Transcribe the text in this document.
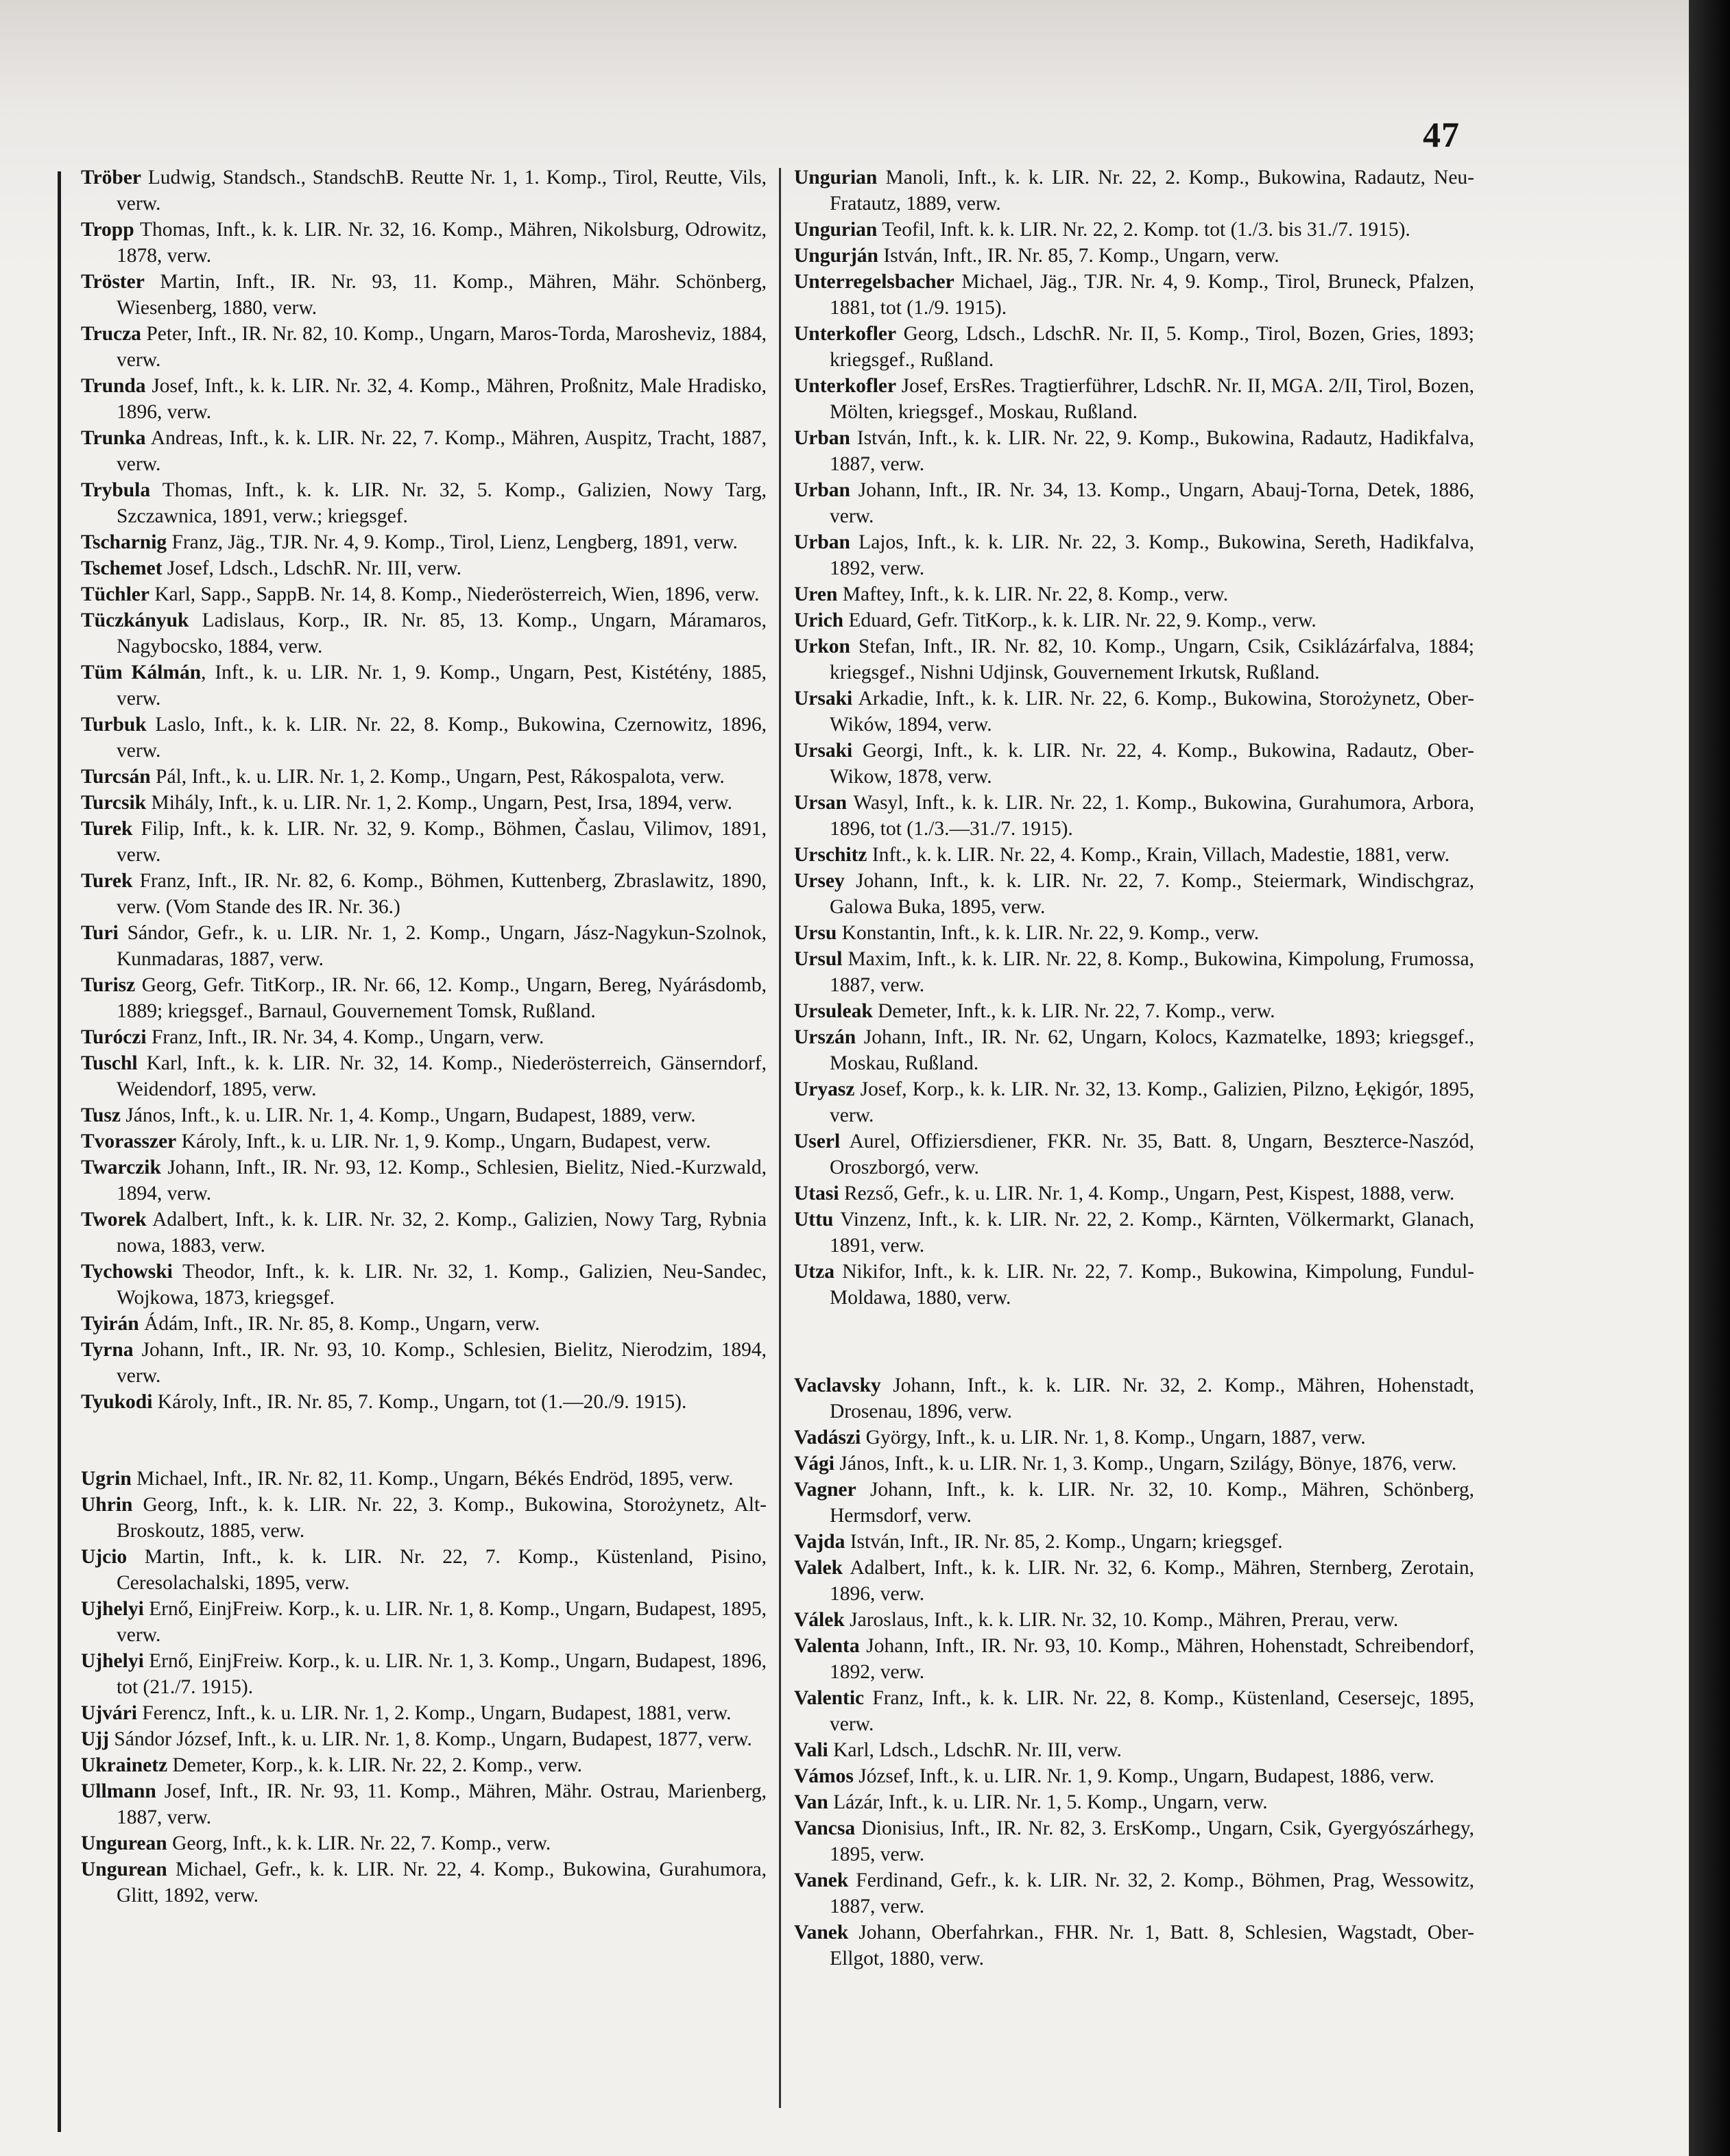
47

Tröber Ludwig, Standsch., StandschB. Reutte Nr. 1, 1. Komp., Tirol, Reutte, Vils, verw.

Tropp Thomas, Inft., k. k. LIR. Nr. 32, 16. Komp., Mähren, Nikolsburg, Odrowitz, 1878, verw.

Tröster Martin, Inft., IR. Nr. 93, 11. Komp., Mähren, Mähr. Schönberg, Wiesenberg, 1880, verw.

Trucza Peter, Inft., IR. Nr. 82, 10. Komp., Ungarn, Maros-Torda, Marosheviz, 1884, verw.

Trunda Josef, Inft., k. k. LIR. Nr. 32, 4. Komp., Mähren, Proßnitz, Male Hradisko, 1896, verw.

Trunka Andreas, Inft., k. k. LIR. Nr. 22, 7. Komp., Mähren, Auspitz, Tracht, 1887, verw.

Trybula Thomas, Inft., k. k. LIR. Nr. 32, 5. Komp., Galizien, Nowy Targ, Szczawnica, 1891, verw.; kriegsgef.

Tscharnig Franz, Jäg., TJR. Nr. 4, 9. Komp., Tirol, Lienz, Lengberg, 1891, verw.

Tschemet Josef, Ldsch., LdschR. Nr. III, verw.

Tüchler Karl, Sapp., SappB. Nr. 14, 8. Komp., Niederösterreich, Wien, 1896, verw.

Tüczkányuk Ladislaus, Korp., IR. Nr. 85, 13. Komp., Ungarn, Máramaros, Nagybocsko, 1884, verw.

Tüm Kálmán, Inft., k. u. LIR. Nr. 1, 9. Komp., Ungarn, Pest, Kistétény, 1885, verw.

Turbuk Laslo, Inft., k. k. LIR. Nr. 22, 8. Komp., Bukowina, Czernowitz, 1896, verw.

Turcsán Pál, Inft., k. u. LIR. Nr. 1, 2. Komp., Ungarn, Pest, Rákospalota, verw.

Turcsik Mihály, Inft., k. u. LIR. Nr. 1, 2. Komp., Ungarn, Pest, Irsa, 1894, verw.

Turek Filip, Inft., k. k. LIR. Nr. 32, 9. Komp., Böhmen, Časlau, Vilimov, 1891, verw.

Turek Franz, Inft., IR. Nr. 82, 6. Komp., Böhmen, Kuttenberg, Zbraslawitz, 1890, verw. (Vom Stande des IR. Nr. 36.)

Turi Sándor, Gefr., k. u. LIR. Nr. 1, 2. Komp., Ungarn, Jász-Nagykun-Szolnok, Kunmadaras, 1887, verw.

Turisz Georg, Gefr. TitKorp., IR. Nr. 66, 12. Komp., Ungarn, Bereg, Nyárásdomb, 1889; kriegsgef., Barnaul, Gouvernement Tomsk, Rußland.

Turóczi Franz, Inft., IR. Nr. 34, 4. Komp., Ungarn, verw.

Tuschl Karl, Inft., k. k. LIR. Nr. 32, 14. Komp., Niederösterreich, Gänserndorf, Weidendorf, 1895, verw.

Tusz János, Inft., k. u. LIR. Nr. 1, 4. Komp., Ungarn, Budapest, 1889, verw.

Tvorasszer Károly, Inft., k. u. LIR. Nr. 1, 9. Komp., Ungarn, Budapest, verw.

Twarczik Johann, Inft., IR. Nr. 93, 12. Komp., Schlesien, Bielitz, Nied.-Kurzwald, 1894, verw.

Tworek Adalbert, Inft., k. k. LIR. Nr. 32, 2. Komp., Galizien, Nowy Targ, Rybnia nowa, 1883, verw.

Tychowski Theodor, Inft., k. k. LIR. Nr. 32, 1. Komp., Galizien, Neu-Sandec, Wojkowa, 1873, kriegsgef.

Tyirán Ádám, Inft., IR. Nr. 85, 8. Komp., Ungarn, verw.

Tyrna Johann, Inft., IR. Nr. 93, 10. Komp., Schlesien, Bielitz, Nierodzim, 1894, verw.

Tyukodi Károly, Inft., IR. Nr. 85, 7. Komp., Ungarn, tot (1.—20./9. 1915).

Ugrin Michael, Inft., IR. Nr. 82, 11. Komp., Ungarn, Békés Endröd, 1895, verw.

Uhrin Georg, Inft., k. k. LIR. Nr. 22, 3. Komp., Bukowina, Storożynetz, Alt-Broskoutz, 1885, verw.

Ujcio Martin, Inft., k. k. LIR. Nr. 22, 7. Komp., Küstenland, Pisino, Ceresolachalski, 1895, verw.

Ujhelyi Ernő, EinjFreiw. Korp., k. u. LIR. Nr. 1, 8. Komp., Ungarn, Budapest, 1895, verw.

Ujhelyi Ernő, EinjFreiw. Korp., k. u. LIR. Nr. 1, 3. Komp., Ungarn, Budapest, 1896, tot (21./7. 1915).

Ujvári Ferencz, Inft., k. u. LIR. Nr. 1, 2. Komp., Ungarn, Budapest, 1881, verw.

Ujj Sándor József, Inft., k. u. LIR. Nr. 1, 8. Komp., Ungarn, Budapest, 1877, verw.

Ukrainetz Demeter, Korp., k. k. LIR. Nr. 22, 2. Komp., verw.

Ullmann Josef, Inft., IR. Nr. 93, 11. Komp., Mähren, Mähr. Ostrau, Marienberg, 1887, verw.

Ungurean Georg, Inft., k. k. LIR. Nr. 22, 7. Komp., verw.

Ungurean Michael, Gefr., k. k. LIR. Nr. 22, 4. Komp., Bukowina, Gurahumora, Glitt, 1892, verw.

Ungurian Manoli, Inft., k. k. LIR. Nr. 22, 2. Komp., Bukowina, Radautz, Neu-Fratautz, 1889, verw.

Ungurian Teofil, Inft. k. k. LIR. Nr. 22, 2. Komp. tot (1./3. bis 31./7. 1915).

Ungurján István, Inft., IR. Nr. 85, 7. Komp., Ungarn, verw.

Unterregelsbacher Michael, Jäg., TJR. Nr. 4, 9. Komp., Tirol, Bruneck, Pfalzen, 1881, tot (1./9. 1915).

Unterkofler Georg, Ldsch., LdschR. Nr. II, 5. Komp., Tirol, Bozen, Gries, 1893; kriegsgef., Rußland.

Unterkofler Josef, ErsRes. Tragtierführer, LdschR. Nr. II, MGA. 2/II, Tirol, Bozen, Mölten, kriegsgef., Moskau, Rußland.

Urban István, Inft., k. k. LIR. Nr. 22, 9. Komp., Bukowina, Radautz, Hadikfalva, 1887, verw.

Urban Johann, Inft., IR. Nr. 34, 13. Komp., Ungarn, Abauj-Torna, Detek, 1886, verw.

Urban Lajos, Inft., k. k. LIR. Nr. 22, 3. Komp., Bukowina, Sereth, Hadikfalva, 1892, verw.

Uren Maftey, Inft., k. k. LIR. Nr. 22, 8. Komp., verw.

Urich Eduard, Gefr. TitKorp., k. k. LIR. Nr. 22, 9. Komp., verw.

Urkon Stefan, Inft., IR. Nr. 82, 10. Komp., Ungarn, Csik, Csiklázárfalva, 1884; kriegsgef., Nishni Udjinsk, Gouvernement Irkutsk, Rußland.

Ursaki Arkadie, Inft., k. k. LIR. Nr. 22, 6. Komp., Bukowina, Storożynetz, Ober-Wików, 1894, verw.

Ursaki Georgi, Inft., k. k. LIR. Nr. 22, 4. Komp., Bukowina, Radautz, Ober-Wikow, 1878, verw.

Ursan Wasyl, Inft., k. k. LIR. Nr. 22, 1. Komp., Bukowina, Gurahumora, Arbora, 1896, tot (1./3.—31./7. 1915).

Urschitz Inft., k. k. LIR. Nr. 22, 4. Komp., Krain, Villach, Madestie, 1881, verw.

Ursey Johann, Inft., k. k. LIR. Nr. 22, 7. Komp., Steiermark, Windischgraz, Galowa Buka, 1895, verw.

Ursu Konstantin, Inft., k. k. LIR. Nr. 22, 9. Komp., verw.

Ursul Maxim, Inft., k. k. LIR. Nr. 22, 8. Komp., Bukowina, Kimpolung, Frumossa, 1887, verw.

Ursuleak Demeter, Inft., k. k. LIR. Nr. 22, 7. Komp., verw.

Urszán Johann, Inft., IR. Nr. 62, Ungarn, Kolocs, Kazmatelke, 1893; kriegsgef., Moskau, Rußland.

Uryasz Josef, Korp., k. k. LIR. Nr. 32, 13. Komp., Galizien, Pilzno, Łękigór, 1895, verw.

Userl Aurel, Offiziersdiener, FKR. Nr. 35, Batt. 8, Ungarn, Beszterce-Naszód, Oroszborgó, verw.

Utasi Rezső, Gefr., k. u. LIR. Nr. 1, 4. Komp., Ungarn, Pest, Kispest, 1888, verw.

Uttu Vinzenz, Inft., k. k. LIR. Nr. 22, 2. Komp., Kärnten, Völkermarkt, Glanach, 1891, verw.

Utza Nikifor, Inft., k. k. LIR. Nr. 22, 7. Komp., Bukowina, Kimpolung, Fundul-Moldawa, 1880, verw.

Vaclavsky Johann, Inft., k. k. LIR. Nr. 32, 2. Komp., Mähren, Hohenstadt, Drosenau, 1896, verw.

Vadászi György, Inft., k. u. LIR. Nr. 1, 8. Komp., Ungarn, 1887, verw.

Vági János, Inft., k. u. LIR. Nr. 1, 3. Komp., Ungarn, Szilágy, Bönye, 1876, verw.

Vagner Johann, Inft., k. k. LIR. Nr. 32, 10. Komp., Mähren, Schönberg, Hermsdorf, verw.

Vajda István, Inft., IR. Nr. 85, 2. Komp., Ungarn; kriegsgef.

Valek Adalbert, Inft., k. k. LIR. Nr. 32, 6. Komp., Mähren, Sternberg, Zerotain, 1896, verw.

Válek Jaroslaus, Inft., k. k. LIR. Nr. 32, 10. Komp., Mähren, Prerau, verw.

Valenta Johann, Inft., IR. Nr. 93, 10. Komp., Mähren, Hohenstadt, Schreibendorf, 1892, verw.

Valentic Franz, Inft., k. k. LIR. Nr. 22, 8. Komp., Küstenland, Cesersejc, 1895, verw.

Vali Karl, Ldsch., LdschR. Nr. III, verw.

Vámos József, Inft., k. u. LIR. Nr. 1, 9. Komp., Ungarn, Budapest, 1886, verw.

Van Lázár, Inft., k. u. LIR. Nr. 1, 5. Komp., Ungarn, verw.

Vancsa Dionisius, Inft., IR. Nr. 82, 3. ErsKomp., Ungarn, Csik, Gyergyószárhegy, 1895, verw.

Vanek Ferdinand, Gefr., k. k. LIR. Nr. 32, 2. Komp., Böhmen, Prag, Wessowitz, 1887, verw.

Vanek Johann, Oberfahrkan., FHR. Nr. 1, Batt. 8, Schlesien, Wagstadt, Ober-Ellgot, 1880, verw.
